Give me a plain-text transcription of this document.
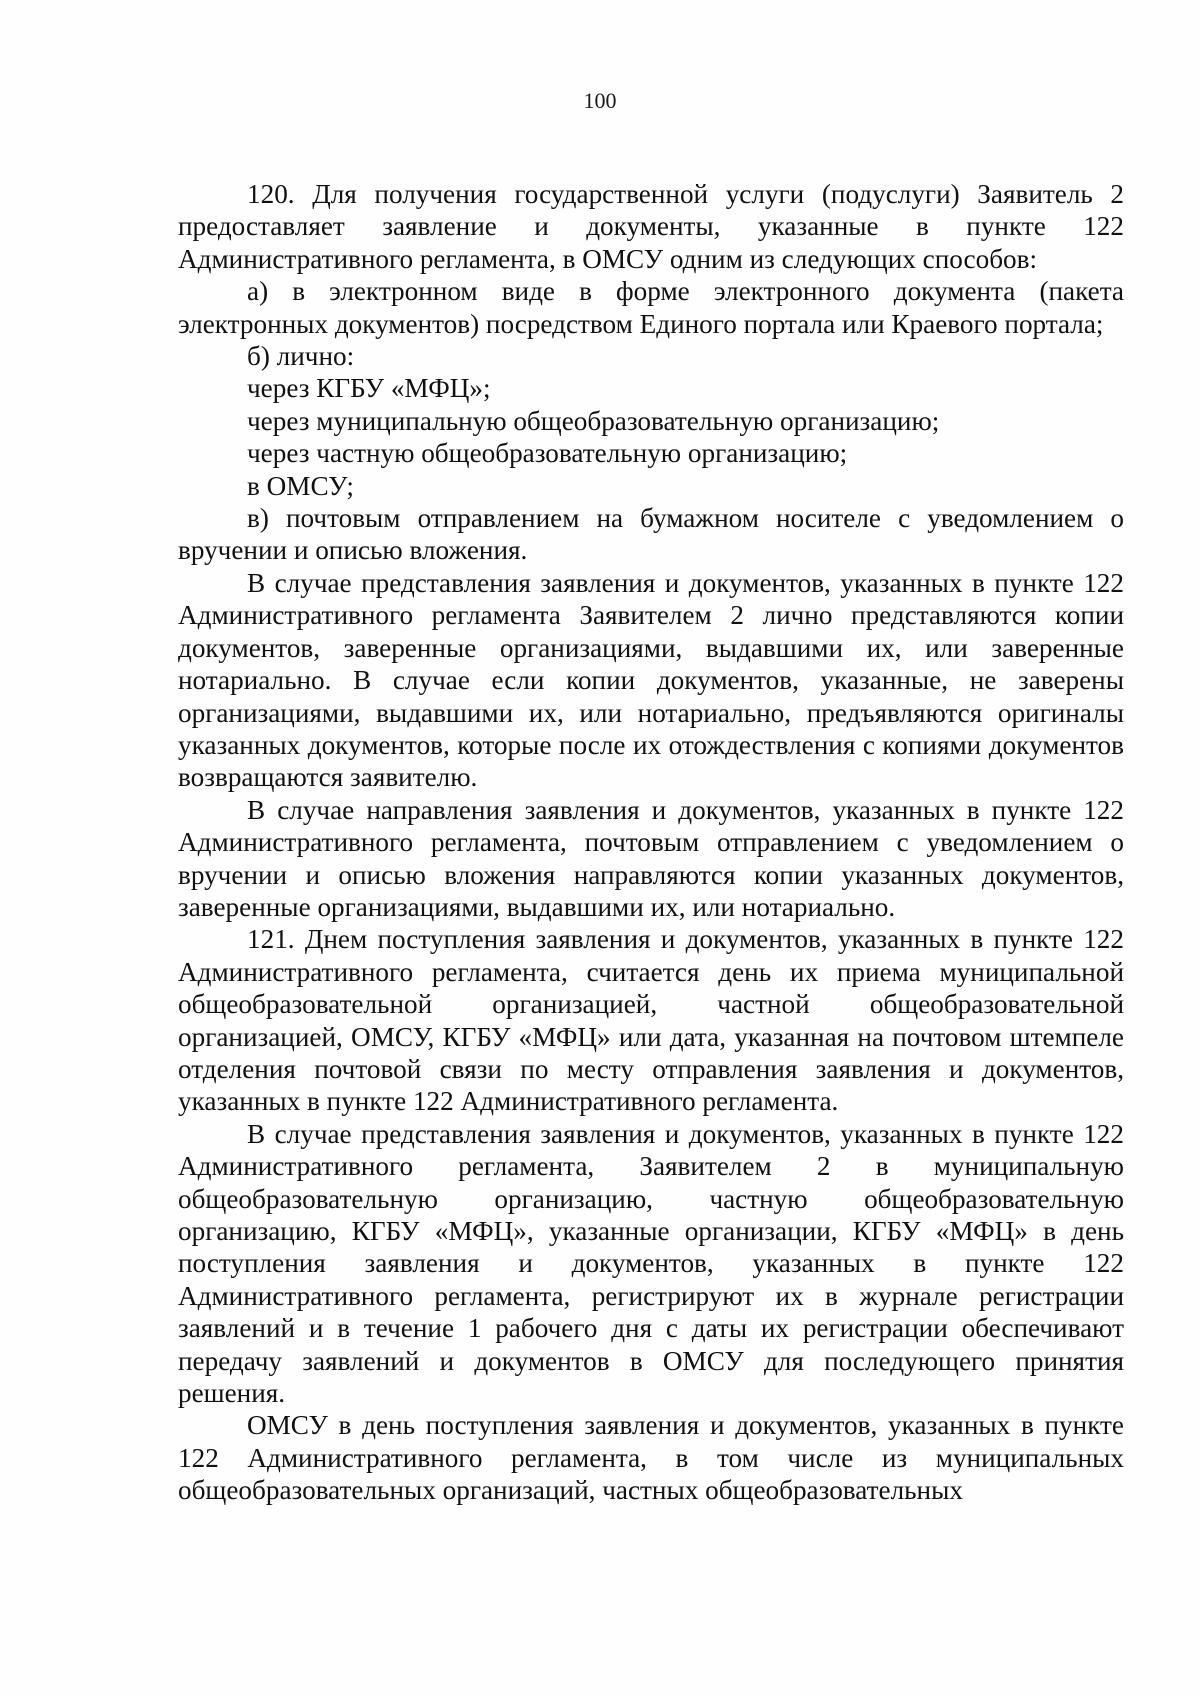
100

120. Для получения государственной услуги (подуслуги) Заявитель 2 предоставляет заявление и документы, указанные в пункте 122 Административного регламента, в ОМСУ одним из следующих способов:

а) в электронном виде в форме электронного документа (пакета электронных документов) посредством Единого портала или Краевого портала;

б) лично:

через КГБУ «МФЦ»;

через муниципальную общеобразовательную организацию;

через частную общеобразовательную организацию;

в ОМСУ;

в) почтовым отправлением на бумажном носителе с уведомлением о вручении и описью вложения.

В случае представления заявления и документов, указанных в пункте 122 Административного регламента Заявителем 2 лично представляются копии документов, заверенные организациями, выдавшими их, или заверенные нотариально. В случае если копии документов, указанные, не заверены организациями, выдавшими их, или нотариально, предъявляются оригиналы указанных документов, которые после их отождествления с копиями документов возвращаются заявителю.

В случае направления заявления и документов, указанных в пункте 122 Административного регламента, почтовым отправлением с уведомлением о вручении и описью вложения направляются копии указанных документов, заверенные организациями, выдавшими их, или нотариально.

121. Днем поступления заявления и документов, указанных в пункте 122 Административного регламента, считается день их приема муниципальной общеобразовательной организацией, частной общеобразовательной организацией, ОМСУ, КГБУ «МФЦ» или дата, указанная на почтовом штемпеле отделения почтовой связи по месту отправления заявления и документов, указанных в пункте 122 Административного регламента.

В случае представления заявления и документов, указанных в пункте 122 Административного регламента, Заявителем 2 в муниципальную общеобразовательную организацию, частную общеобразовательную организацию, КГБУ «МФЦ», указанные организации, КГБУ «МФЦ» в день поступления заявления и документов, указанных в пункте 122 Административного регламента, регистрируют их в журнале регистрации заявлений и в течение 1 рабочего дня с даты их регистрации обеспечивают передачу заявлений и документов в ОМСУ для последующего принятия решения.

ОМСУ в день поступления заявления и документов, указанных в пункте 122 Административного регламента, в том числе из муниципальных общеобразовательных организаций, частных общеобразовательных
